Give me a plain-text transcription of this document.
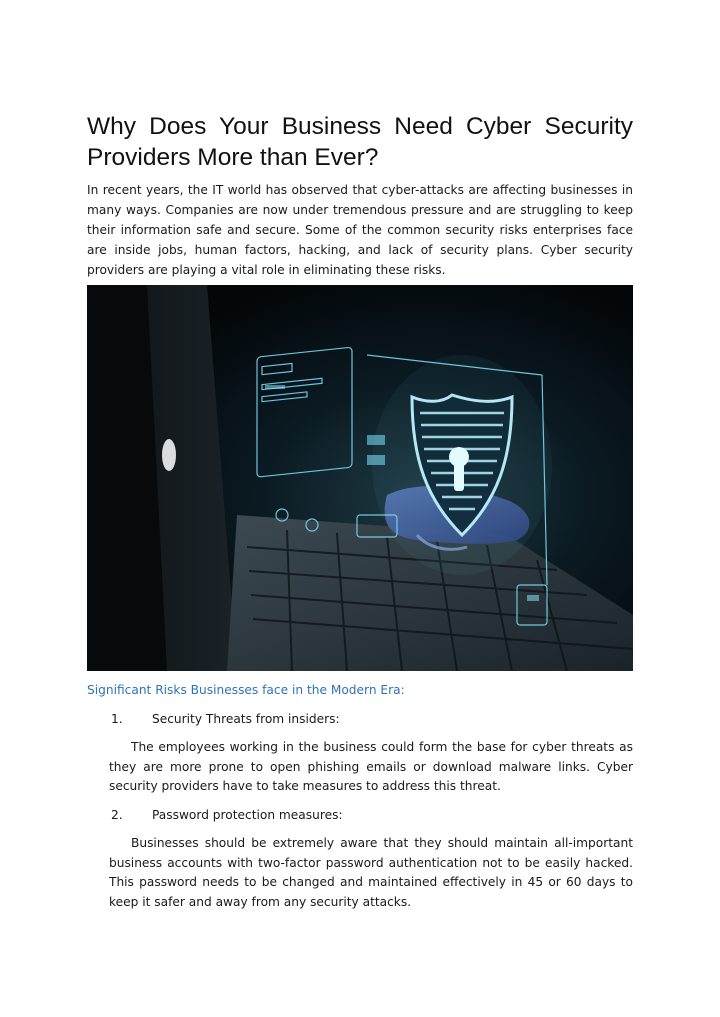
Why Does Your Business Need Cyber Security Providers More than Ever?

In recent years, the IT world has observed that cyber-attacks are affecting businesses in many ways. Companies are now under tremendous pressure and are struggling to keep their information safe and secure. Some of the common security risks enterprises face are inside jobs, human factors, hacking, and lack of security plans. Cyber security providers are playing a vital role in eliminating these risks.

Significant Risks Businesses face in the Modern Era:

1. Security Threats from insiders:

The employees working in the business could form the base for cyber threats as they are more prone to open phishing emails or download malware links. Cyber security providers have to take measures to address this threat.

2. Password protection measures:

Businesses should be extremely aware that they should maintain all-important business accounts with two-factor password authentication not to be easily hacked. This password needs to be changed and maintained effectively in 45 or 60 days to keep it safer and away from any security attacks.
